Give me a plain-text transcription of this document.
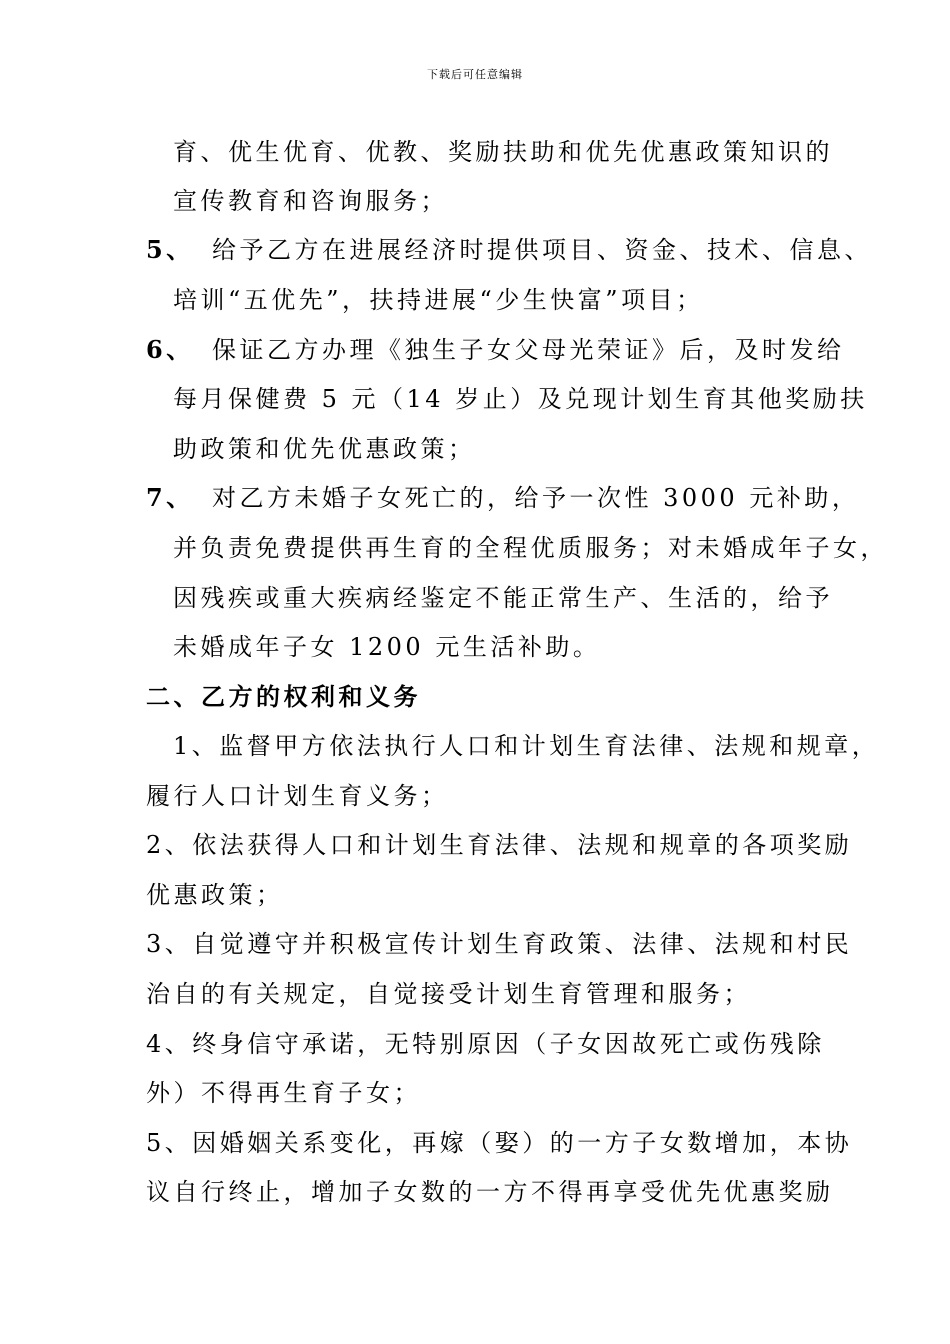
下载后可任意编辑
育、优生优育、优教、奖励扶助和优先优惠政策知识的
宣传教育和咨询服务；
5、 给予乙方在进展经济时提供项目、资金、技术、信息、
培训“五优先”，扶持进展“少生快富”项目；
6、 保证乙方办理《独生子女父母光荣证》后，及时发给
每月保健费 5 元（14 岁止）及兑现计划生育其他奖励扶
助政策和优先优惠政策；
7、 对乙方未婚子女死亡的，给予一次性 3000 元补助，
并负责免费提供再生育的全程优质服务；对未婚成年子女，
因残疾或重大疾病经鉴定不能正常生产、生活的，给予
未婚成年子女 1200 元生活补助。
二、乙方的权利和义务
1、监督甲方依法执行人口和计划生育法律、法规和规章，
履行人口计划生育义务；
2、依法获得人口和计划生育法律、法规和规章的各项奖励
优惠政策；
3、自觉遵守并积极宣传计划生育政策、法律、法规和村民
治自的有关规定，自觉接受计划生育管理和服务；
4、终身信守承诺，无特别原因（子女因故死亡或伤残除
外）不得再生育子女；
5、因婚姻关系变化，再嫁（娶）的一方子女数增加，本协
议自行终止，增加子女数的一方不得再享受优先优惠奖励
